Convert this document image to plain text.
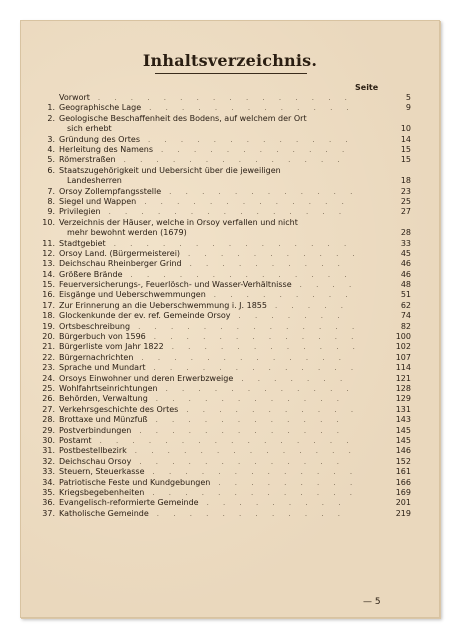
Inhaltsverzeichnis.
Seite
Vorwort	. . . . . . . . . . . . . . . .	5
1. Geographische Lage	. . . . . . . . . . . . .	9
2. Geologische Beschaffenheit des Bodens, auf welchem der Ort
sich erhebt	10
3. Gründung des Ortes	. . . . . . . . . . . . .	14
4. Herleitung des Namens	. . . . . . . . . . . .	15
5. Römerstraßen	. . . . . . . . . . . . . .	15
6. Staatszugehörigkeit und Uebersicht über die jeweiligen
Landesherren	18
7. Orsoy Zollempfangsstelle	. . . . . . . . . . . .	23
8. Siegel und Wappen	. . . . . . . . . . . . .	25
9. Privilegien	. . . . . . . . . . . . . . .	27
10. Verzeichnis der Häuser, welche in Orsoy verfallen und nicht
mehr bewohnt werden (1679)	28
11. Stadtgebiet	. . . . . . . . . . . . . . .	33
12. Orsoy Land. (Bürgermeisterei)	. . . . . . . . . . .	45
13. Deichschau Rheinberger Grind	. . . . . . . . . .	46
14. Größere Brände	. . . . . . . . . . . . . .	46
15. Feuerversicherungs-, Feuerlösch- und Wasser-Verhältnisse	. . . .	48
16. Eisgänge und Ueberschwemmungen	. . . . . . . . .	51
17. Zur Erinnerung an die Ueberschwemmung i. J. 1855	. . . . .	62
18. Glockenkunde der ev. ref. Gemeinde Orsoy	. . . . . . .	74
19. Ortsbeschreibung	. . . . . . . . . . . . . .	82
20. Bürgerbuch von 1596	. . . . . . . . . . . . .	100
21. Bürgerliste vom Jahr 1822	. . . . . . . . . . . .	102
22. Bürgernachrichten	. . . . . . . . . . . . .	107
23. Sprache und Mundart	. . . . . . . . . . . . .	114
24. Orsoys Einwohner und deren Erwerbzweige	. . . . . . .	121
25. Wohlfahrtseinrichtungen	. . . . . . . . . . . .	128
26. Behörden, Verwaltung	. . . . . . . . . . . .	129
27. Verkehrsgeschichte des Ortes	. . . . . . . . . . .	131
28. Brottaxe und Münzfuß	. . . . . . . . . . . .	143
29. Postverbindungen	. . . . . . . . . . . . .	145
30. Postamt	. . . . . . . . . . . . . . . .	145
31. Postbestellbezirk	. . . . . . . . . . . . . .	146
32. Deichschau Orsoy	. . . . . . . . . . . . .	152
33. Steuern, Steuerkasse	. . . . . . . . . . . . .	161
34. Patriotische Feste und Kundgebungen	. . . . . . . . .	166
35. Kriegsbegebenheiten	. . . . . . . . . . . . .	169
36. Evangelisch-reformierte Gemeinde	. . . . . . . . .	201
37. Katholische Gemeinde	. . . . . . . . . . . .	219
— 5
